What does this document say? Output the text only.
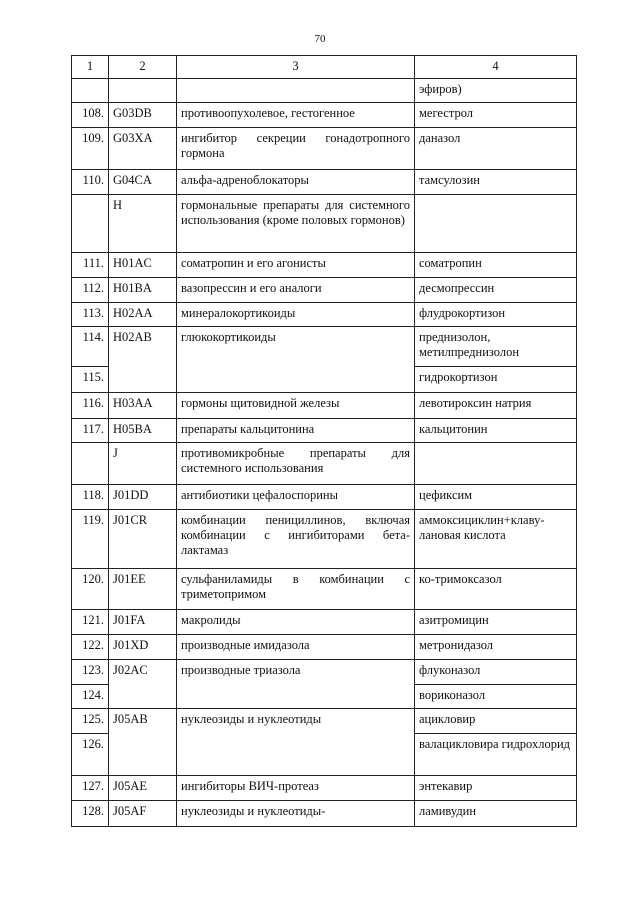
70
1	2	3	4
			эфиров)
108.	G03DB	противоопухолевое, гестогенное	мегестрол
109.	G03XA	ингибитор секреции гонадотропного гормона	даназол
110.	G04CA	альфа-адреноблокаторы	тамсулозин
	H	гормональные препараты для системного использования (кроме половых гормонов)	
111.	H01AC	соматропин и его агонисты	соматропин
112.	H01BA	вазопрессин и его аналоги	десмопрессин
113.	H02AA	минералокортикоиды	флудрокортизон
114.	H02AB	глюкокортикоиды	преднизолон, метилпреднизолон
115.			гидрокортизон
116.	H03AA	гормоны щитовидной железы	левотироксин натрия
117.	H05BA	препараты кальцитонина	кальцитонин
	J	противомикробные препараты для системного использования	
118.	J01DD	антибиотики цефалоспорины	цефиксим
119.	J01CR	комбинации пенициллинов, включая комбинации с ингибиторами бета-лактамаз	аммоксициклин+клаву-лановая кислота
120.	J01EE	сульфаниламиды в комбинации с триметопримом	ко-тримоксазол
121.	J01FA	макролиды	азитромицин
122.	J01XD	производные имидазола	метронидазол
123.	J02AC	производные триазола	флуконазол
124.			вориконазол
125.	J05AB	нуклеозиды и нуклеотиды	ацикловир
126.			валацикловира гидрохлорид
127.	J05AE	ингибиторы ВИЧ-протеаз	энтекавир
128.	J05AF	нуклеозиды и нуклеотиды-	ламивудин
